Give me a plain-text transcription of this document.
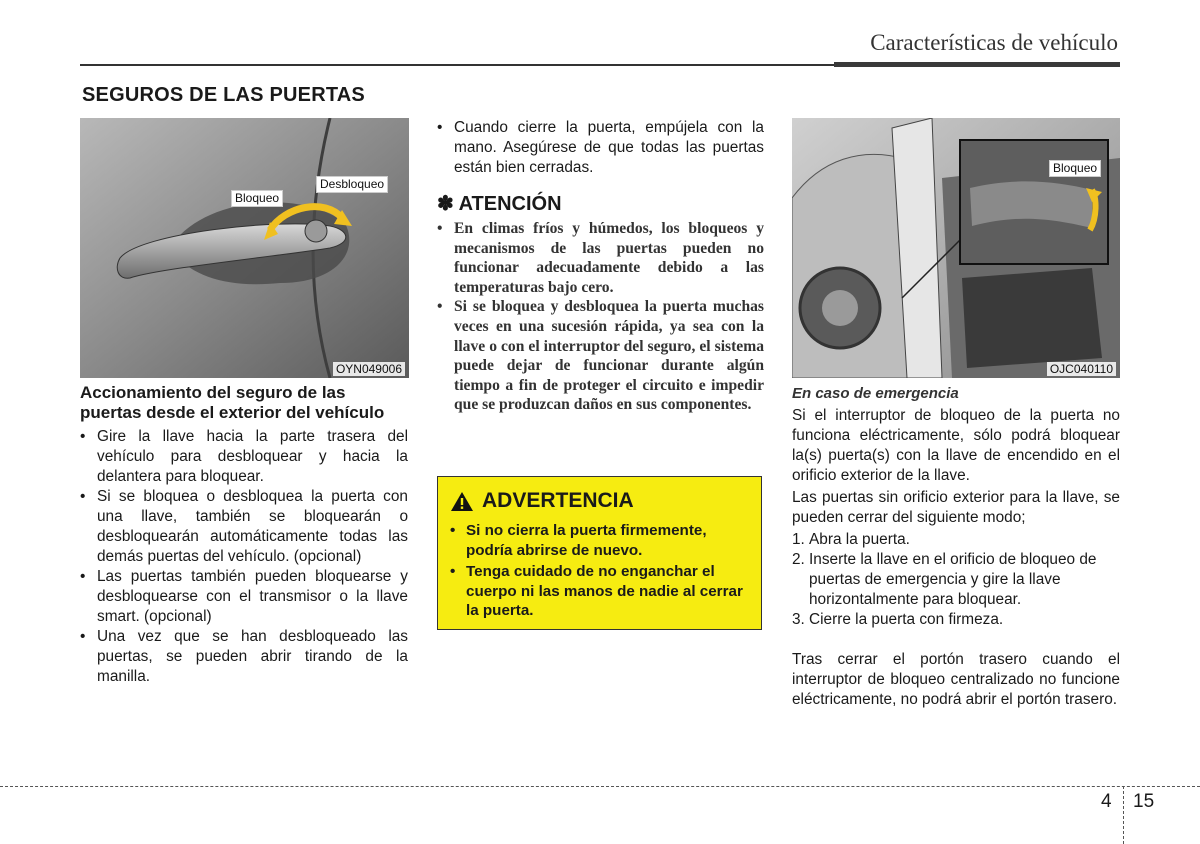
Características de vehículo
SEGUROS DE LAS PUERTAS
Bloqueo
Desbloqueo
OYN049006
Bloqueo
OJC040110
Accionamiento del seguro de las puertas desde el exterior del vehículo
• Gire la llave hacia la parte trasera del vehículo para desbloquear y hacia la delantera para bloquear.
• Si se bloquea o desbloquea la puerta con una llave, también se bloquearán o desbloquearán automáticamente todas las demás puertas del vehículo. (opcional)
• Las puertas también pueden bloquearse y desbloquearse con el transmisor o la llave smart. (opcional)
• Una vez que se han desbloqueado las puertas, se pueden abrir tirando de la manilla.
• Cuando cierre la puerta, empújela con la mano. Asegúrese de que todas las puertas están bien cerradas.
✽ ATENCIÓN
• En climas fríos y húmedos, los bloqueos y mecanismos de las puertas pueden no funcionar adecuadamente debido a las temperaturas bajo cero.
• Si se bloquea y desbloquea la puerta muchas veces en una sucesión rápida, ya sea con la llave o con el interruptor del seguro, el sistema puede dejar de funcionar durante algún tiempo a fin de proteger el circuito e impedir que se produzcan daños en sus componentes.
ADVERTENCIA
• Si no cierra la puerta firmemente, podría abrirse de nuevo.
• Tenga cuidado de no enganchar el cuerpo ni las manos de nadie al cerrar la puerta.
En caso de emergencia

Si el interruptor de bloqueo de la puerta no funciona eléctricamente, sólo podrá bloquear la(s) puerta(s) con la llave de encendido en el orificio exterior de la llave.

Las puertas sin orificio exterior para la llave, se pueden cerrar del siguiente modo;

1. Abra la puerta.
2. Inserte la llave en el orificio de bloqueo de puertas de emergencia y gire la llave horizontalmente para bloquear.
3. Cierre la puerta con firmeza.

Tras cerrar el portón trasero cuando el interruptor de bloqueo centralizado no funcione eléctricamente, no podrá abrir el portón trasero.

4 15
